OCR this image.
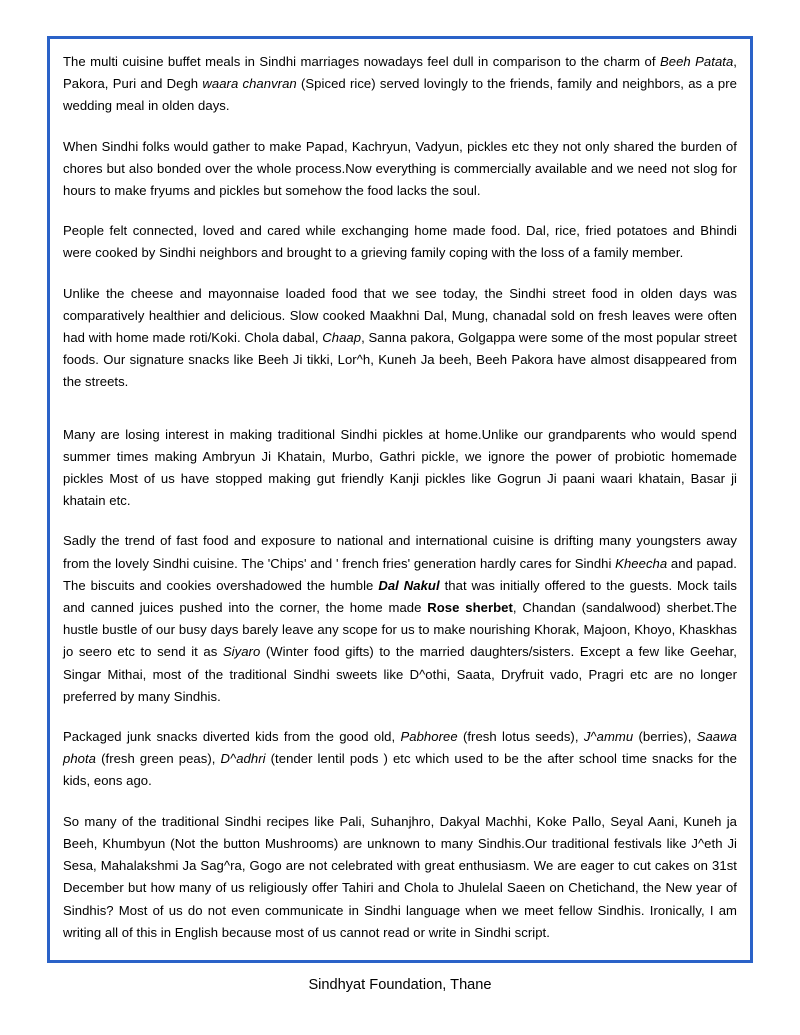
The multi cuisine buffet meals in Sindhi marriages nowadays feel dull in comparison to the charm of Beeh Patata, Pakora, Puri and Degh waara chanvran (Spiced rice) served lovingly to the friends, family and neighbors, as a pre wedding meal in olden days.

When Sindhi folks would gather to make Papad, Kachryun, Vadyun, pickles etc they not only shared the burden of chores but also bonded over the whole process.Now everything is commercially available and we need not slog for hours to make fryums and pickles but somehow the food lacks the soul.

People felt connected, loved and cared while exchanging home made food. Dal, rice, fried potatoes and Bhindi were cooked by Sindhi neighbors and brought to a grieving family coping with the loss of a family member.

Unlike the cheese and mayonnaise loaded food that we see today, the Sindhi street food in olden days was comparatively healthier and delicious. Slow cooked Maakhni Dal, Mung, chanadal sold on fresh leaves were often had with home made roti/Koki. Chola dabal, Chaap, Sanna pakora, Golgappa were some of the most popular street foods. Our signature snacks like Beeh Ji tikki, Lor^h, Kuneh Ja beeh, Beeh Pakora have almost disappeared from the streets.

Many are losing interest in making traditional Sindhi pickles at home.Unlike our grandparents who would spend summer times making Ambryun Ji Khatain, Murbo, Gathri pickle, we ignore the power of probiotic homemade pickles Most of us have stopped making gut friendly Kanji pickles like Gogrun Ji paani waari khatain, Basar ji khatain etc.

Sadly the trend of fast food and exposure to national and international cuisine is drifting many youngsters away from the lovely Sindhi cuisine. The 'Chips' and ' french fries' generation hardly cares for Sindhi Kheecha and papad. The biscuits and cookies overshadowed the humble Dal Nakul that was initially offered to the guests. Mock tails and canned juices pushed into the corner, the home made Rose sherbet, Chandan (sandalwood) sherbet.The hustle bustle of our busy days barely leave any scope for us to make nourishing Khorak, Majoon, Khoyo, Khaskhas jo seero etc to send it as Siyaro (Winter food gifts) to the married daughters/sisters. Except a few like Geehar, Singar Mithai, most of the traditional Sindhi sweets like D^othi, Saata, Dryfruit vado, Pragri etc are no longer preferred by many Sindhis.

Packaged junk snacks diverted kids from the good old, Pabhoree (fresh lotus seeds), J^ammu (berries), Saawa phota (fresh green peas), D^adhri (tender lentil pods ) etc which used to be the after school time snacks for the kids, eons ago.

So many of the traditional Sindhi recipes like Pali, Suhanjhro, Dakyal Machhi, Koke Pallo, Seyal Aani, Kuneh ja Beeh, Khumbyun (Not the button Mushrooms) are unknown to many Sindhis.Our traditional festivals like J^eth Ji Sesa, Mahalakshmi Ja Sag^ra, Gogo are not celebrated with great enthusiasm. We are eager to cut cakes on 31st December but how many of us religiously offer Tahiri and Chola to Jhulelal Saeen on Chetichand, the New year of Sindhis? Most of us do not even communicate in Sindhi language when we meet fellow Sindhis. Ironically, I am writing all of this in English because most of us cannot read or write in Sindhi script.

Sindhyat Foundation, Thane
